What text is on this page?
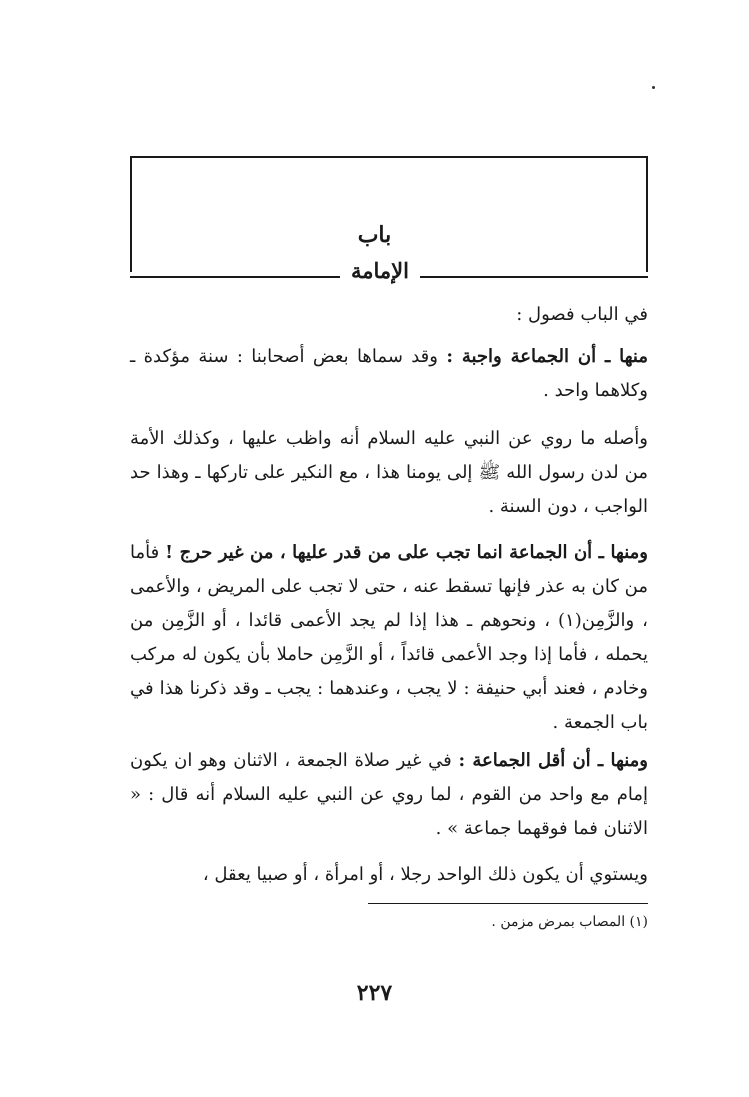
باب
الإمامة
في الباب فصول :
منها ـ أن الجماعة واجبة : وقد سماها بعض أصحابنا : سنة مؤكدة ـ وكلاهما واحد .
وأصله ما روي عن النبي عليه السلام أنه واظب عليها ، وكذلك الأمة من لدن رسول الله ﷺ إلى يومنا هذا ، مع النكير على تاركها ـ وهذا حد الواجب ، دون السنة .
ومنها ـ أن الجماعة انما تجب على من قدر عليها ، من غير حرج ! فأما من كان به عذر فإنها تسقط عنه ، حتى لا تجب على المريض ، والأعمى ، والزَّمِن(١) ، ونحوهم ـ هذا إذا لم يجد الأعمى قائدا ، أو الزَّمِن من يحمله ، فأما إذا وجد الأعمى قائداً ، أو الزَّمِن حاملا بأن يكون له مركب وخادم ، فعند أبي حنيفة : لا يجب ، وعندهما : يجب ـ وقد ذكرنا هذا في باب الجمعة .
ومنها ـ أن أقل الجماعة : في غير صلاة الجمعة ، الاثنان وهو ان يكون إمام مع واحد من القوم ، لما روي عن النبي عليه السلام أنه قال : « الاثنان فما فوقهما جماعة » .
ويستوي أن يكون ذلك الواحد رجلا ، أو امرأة ، أو صبيا يعقل ،
(١) المصاب بمرض مزمن .
٢٢٧
